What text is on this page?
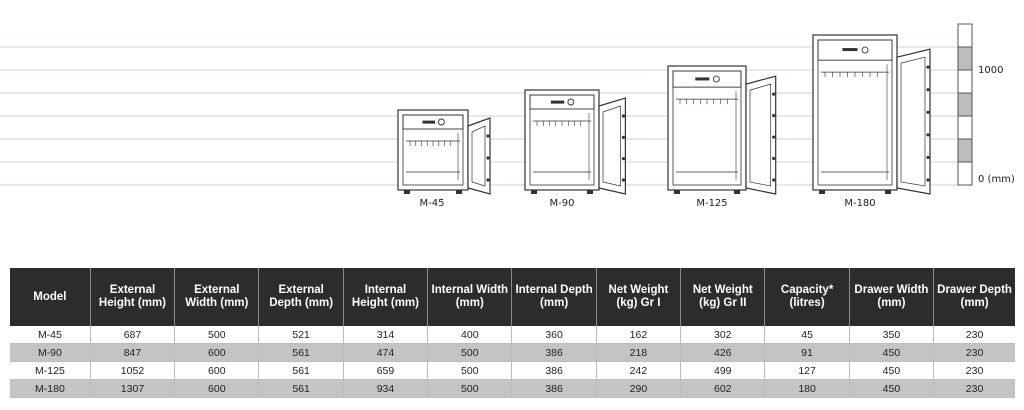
1000
0 (mm)
M-45	M-90	M-125	M-180
Model	External Height (mm)	External Width (mm)	External Depth (mm)	Internal Height (mm)	Internal Width (mm)	Internal Depth (mm)	Net Weight (kg) Gr I	Net Weight (kg) Gr II	Capacity* (litres)	Drawer Width (mm)	Drawer Depth (mm)
M-45	687	500	521	314	400	360	162	302	45	350	230
M-90	847	600	561	474	500	386	218	426	91	450	230
M-125	1052	600	561	659	500	386	242	499	127	450	230
M-180	1307	600	561	934	500	386	290	602	180	450	230
